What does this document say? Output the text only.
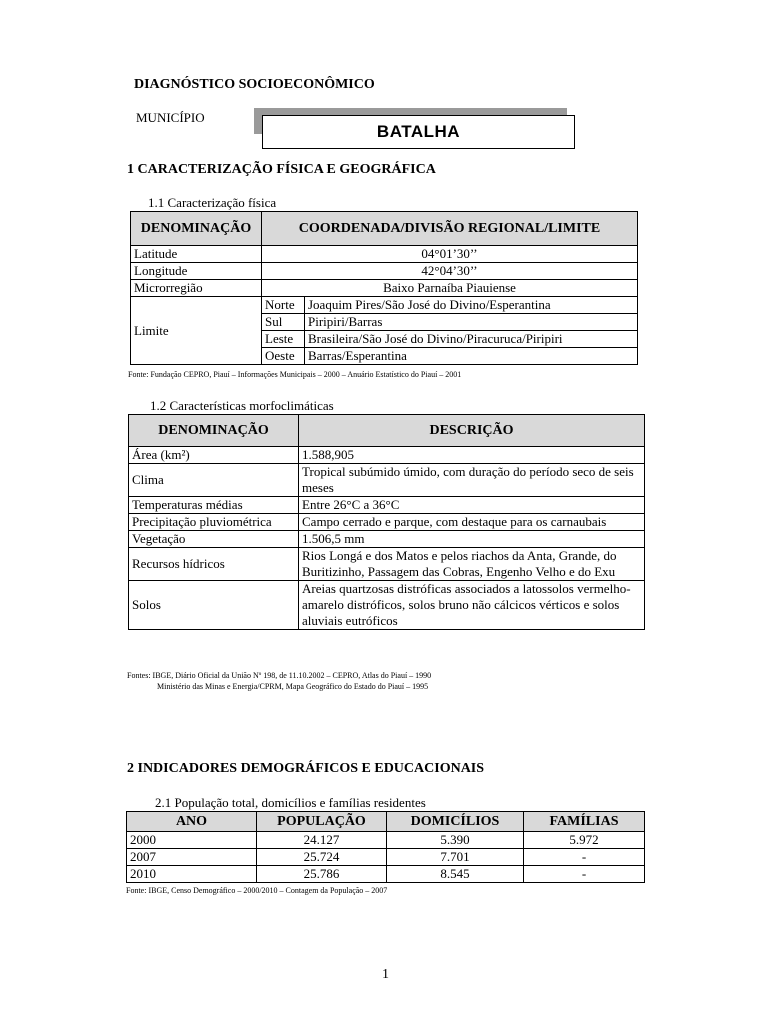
DIAGNÓSTICO SOCIOECONÔMICO
MUNICÍPIO
BATALHA
1 CARACTERIZAÇÃO FÍSICA E GEOGRÁFICA
1.1 Caracterização física
DENOMINAÇÃO	COORDENADA/DIVISÃO REGIONAL/LIMITE	
Latitude	04°01’30’’	
Longitude	42°04’30’’	
Microrregião	Baixo Parnaíba Piauiense	
Limite	Norte	Joaquim Pires/São José do Divino/Esperantina
	Sul	Piripiri/Barras
	Leste	Brasileira/São José do Divino/Piracuruca/Piripiri
	Oeste	Barras/Esperantina
Fonte: Fundação CEPRO, Piauí – Informações Municipais – 2000 – Anuário Estatístico do Piauí – 2001
1.2 Características morfoclimáticas
DENOMINAÇÃO	DESCRIÇÃO
Área (km²)	1.588,905
Clima	Tropical subúmido úmido, com duração do período seco de seis meses
Temperaturas médias	Entre 26°C a 36°C
Precipitação pluviométrica	Campo cerrado e parque, com destaque para os carnaubais
Vegetação	1.506,5 mm
Recursos hídricos	Rios Longá e dos Matos e pelos riachos da Anta, Grande, do Buritizinho, Passagem das Cobras, Engenho Velho e do Exu
Solos	Areias quartzosas distróficas associados a latossolos vermelho-amarelo distróficos, solos bruno não cálcicos vérticos e solos aluviais eutróficos
Fontes: IBGE, Diário Oficial da União Nº 198, de 11.10.2002 – CEPRO, Atlas do Piauí – 1990
Ministério das Minas e Energia/CPRM, Mapa Geográfico do Estado do Piauí – 1995
2 INDICADORES DEMOGRÁFICOS E EDUCACIONAIS
2.1 População total, domicílios e famílias residentes
ANO	POPULAÇÃO	DOMICÍLIOS	FAMÍLIAS
2000	24.127	5.390	5.972
2007	25.724	7.701	-
2010	25.786	8.545	-
Fonte: IBGE, Censo Demográfico – 2000/2010 – Contagem da População – 2007
1
